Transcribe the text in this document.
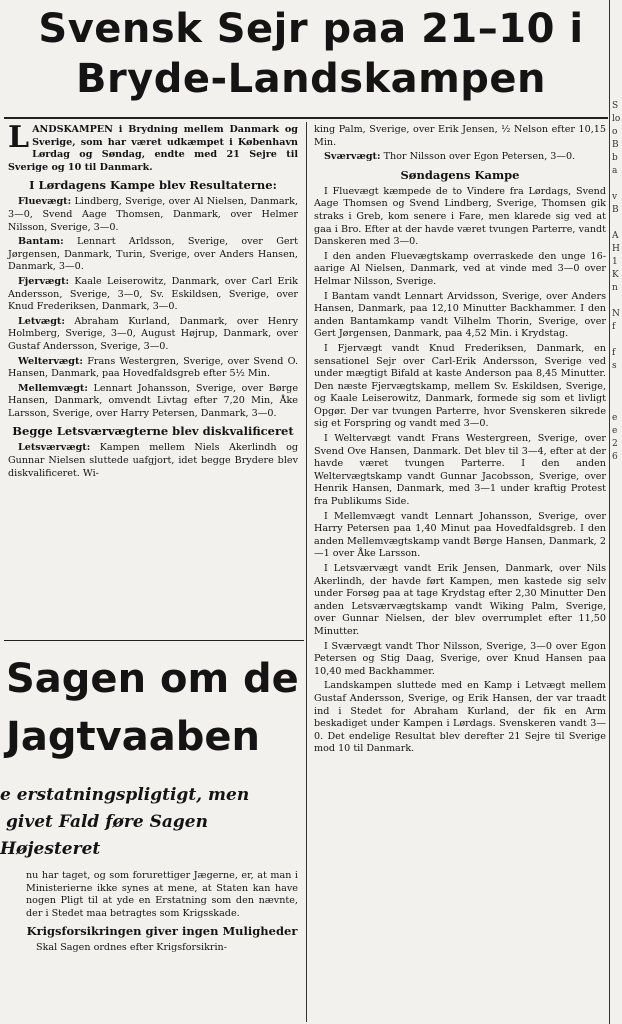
Svensk Sejr paa 21–10 i
Bryde-Landskampen

LANDSKAMPEN i Brydning mellem Danmark og Sverige, som har været udkæmpet i København Lørdag og Søndag, endte med 21 Sejre til Sverige og 10 til Danmark.

I Lørdagens Kampe blev Resultaterne:

Fluevægt: Lindberg, Sverige, over Al Nielsen, Danmark, 3—0, Svend Aage Thomsen, Danmark, over Helmer Nilsson, Sverige, 3—0.

Bantam: Lennart Arldsson, Sverige, over Gert Jørgensen, Danmark, Turin, Sverige, over Anders Hansen, Danmark, 3—0.

Fjervægt: Kaale Leiserowitz, Danmark, over Carl Erik Andersson, Sverige, 3—0, Sv. Eskildsen, Sverige, over Knud Frederiksen, Danmark, 3—0.

Letvægt: Abraham Kurland, Danmark, over Henry Holmberg, Sverige, 3—0, August Højrup, Danmark, over Gustaf Andersson, Sverige, 3—0.

Weltervægt: Frans Westergren, Sverige, over Svend O. Hansen, Danmark, paa Hovedfaldsgreb efter 5½ Min.

Mellemvægt: Lennart Johansson, Sverige, over Børge Hansen, Danmark, omvendt Livtag efter 7,20 Min, Åke Larsson, Sverige, over Harry Petersen, Danmark, 3—0.

Begge Letsværvægterne blev diskvalificeret

Letsværvægt: Kampen mellem Niels Akerlindh og Gunnar Nielsen sluttede uafgjort, idet begge Brydere blev diskvalificeret. Wi-

king Palm, Sverige, over Erik Jensen, ½ Nelson efter 10,15 Min.

Sværvægt: Thor Nilsson over Egon Petersen, 3—0.

Søndagens Kampe

I Fluevægt kæmpede de to Vindere fra Lørdags, Svend Aage Thomsen og Svend Lindberg, Sverige, Thomsen gik straks i Greb, kom senere i Fare, men klarede sig ved at gaa i Bro. Efter at der havde været tvungen Parterre, vandt Danskeren med 3—0.

I den anden Fluevægtskamp overraskede den unge 16-aarige Al Nielsen, Danmark, ved at vinde med 3—0 over Helmar Nilsson, Sverige.

I Bantam vandt Lennart Arvidsson, Sverige, over Anders Hansen, Danmark, paa 12,10 Minutter Backhammer. I den anden Bantamkamp vandt Vilhelm Thorin, Sverige, over Gert Jørgensen, Danmark, paa 4,52 Min. i Krydstag.

I Fjervægt vandt Knud Frederiksen, Danmark, en sensationel Sejr over Carl-Erik Andersson, Sverige ved under mægtigt Bifald at kaste Anderson paa 8,45 Minutter. Den næste Fjervægtskamp, mellem Sv. Eskildsen, Sverige, og Kaale Leiserowitz, Danmark, formede sig som et livligt Opgør. Der var tvungen Parterre, hvor Svenskeren sikrede sig et Forspring og vandt med 3—0.

I Weltervægt vandt Frans Westergreen, Sverige, over Svend Ove Hansen, Danmark. Det blev til 3—4, efter at der havde været tvungen Parterre. I den anden Weltervægtskamp vandt Gunnar Jacobsson, Sverige, over Henrik Hansen, Danmark, med 3—1 under kraftig Protest fra Publikums Side.

I Mellemvægt vandt Lennart Johansson, Sverige, over Harry Petersen paa 1,40 Minut paa Hovedfaldsgreb. I den anden Mellemvægtskamp vandt Børge Hansen, Danmark, 2—1 over Åke Larsson.

I Letsværvægt vandt Erik Jensen, Danmark, over Nils Akerlindh, der havde ført Kampen, men kastede sig selv under Forsøg paa at tage Krydstag efter 2,30 Minutter Den anden Letsværvægtskamp vandt Wiking Palm, Sverige, over Gunnar Nielsen, der blev overrumplet efter 11,50 Minutter.

I Sværvægt vandt Thor Nilsson, Sverige, 3—0 over Egon Petersen og Stig Daag, Sverige, over Knud Hansen paa 10,40 med Backhammer.

Landskampen sluttede med en Kamp i Letvægt mellem Gustaf Andersson, Sverige, og Erik Hansen, der var traadt ind i Stedet for Abraham Kurland, der fik en Arm beskadiget under Kampen i Lørdags. Svenskeren vandt 3—0. Det endelige Resultat blev derefter 21 Sejre til Sverige mod 10 til Danmark.

Sagen om de
Jagtvaaben
e erstatningspligtigt, men
givet Fald føre Sagen
Højesteret

nu har taget, og som forurettiger Jægerne, er, at man i Ministerierne ikke synes at mene, at Staten kan have nogen Pligt til at yde en Erstatning som den nævnte, der i Stedet maa betragtes som Krigsskade.

Krigsforsikringen giver ingen Muligheder

Skal Sagen ordnes efter Krigsforsikrin-

S
lo
o
B
b
a

v
B

A
H
1
K
n

N
f

f
s

e
e
2
6
